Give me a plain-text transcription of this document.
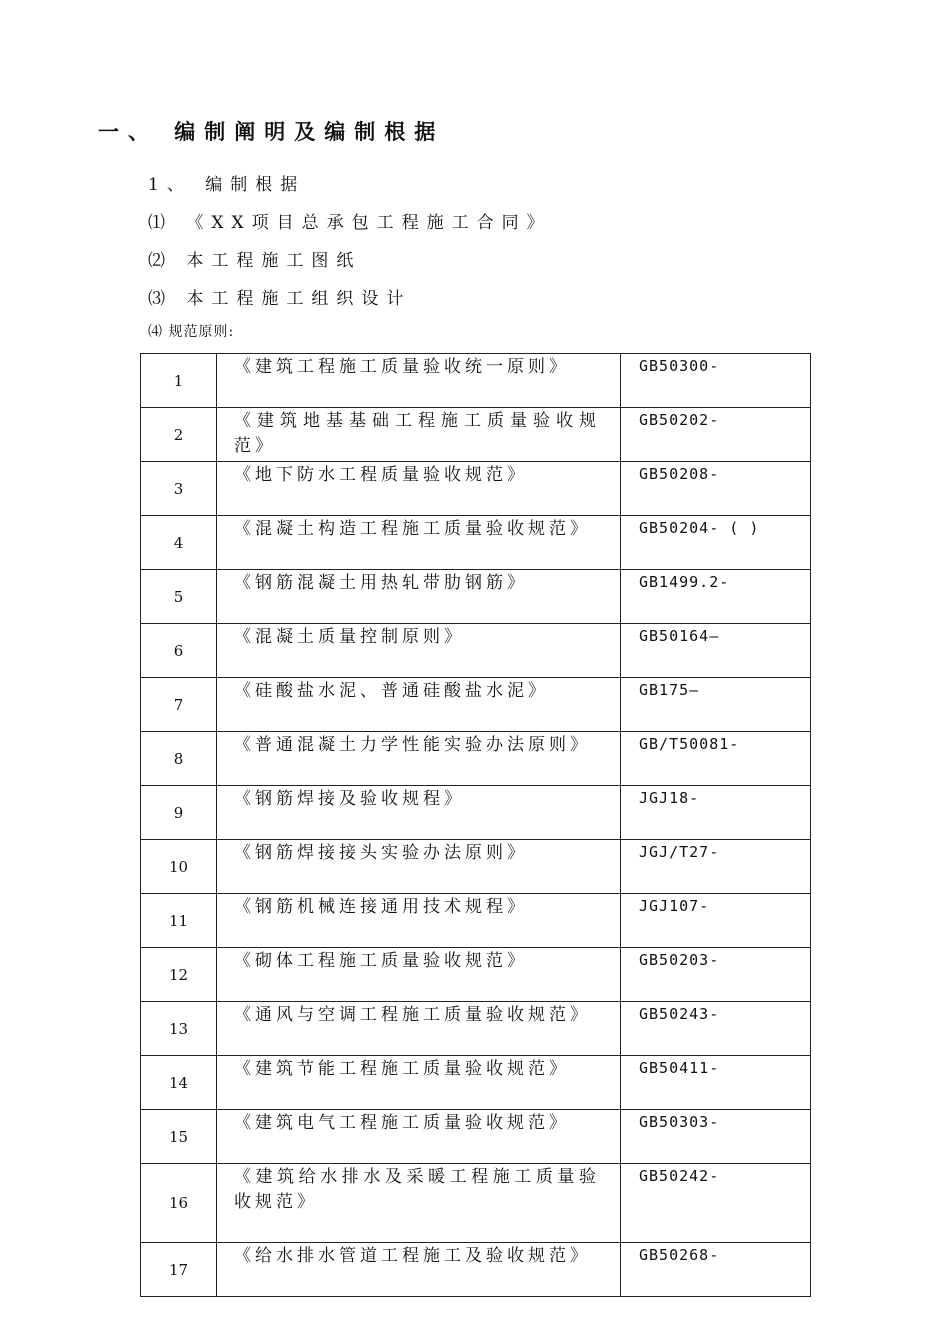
一、 编制阐明及编制根据
1、 编制根据
⑴ 《XX项目总承包工程施工合同》
⑵ 本工程施工图纸
⑶ 本工程施工组织设计
⑷ 规范原则:
1	《建筑工程施工质量验收统一原则》	GB50300-
2	《建筑地基基础工程施工质量验收规范》	GB50202-
3	《地下防水工程质量验收规范》	GB50208-
4	《混凝土构造工程施工质量验收规范》	GB50204- ( )
5	《钢筋混凝土用热轧带肋钢筋》	GB1499.2-
6	《混凝土质量控制原则》	GB50164—
7	《硅酸盐水泥、普通硅酸盐水泥》	GB175—
8	《普通混凝土力学性能实验办法原则》	GB/T50081-
9	《钢筋焊接及验收规程》	JGJ18-
10	《钢筋焊接接头实验办法原则》	JGJ/T27-
11	《钢筋机械连接通用技术规程》	JGJ107-
12	《砌体工程施工质量验收规范》	GB50203-
13	《通风与空调工程施工质量验收规范》	GB50243-
14	《建筑节能工程施工质量验收规范》	GB50411-
15	《建筑电气工程施工质量验收规范》	GB50303-
16	《建筑给水排水及采暖工程施工质量验收规范》	GB50242-
17	《给水排水管道工程施工及验收规范》	GB50268-
